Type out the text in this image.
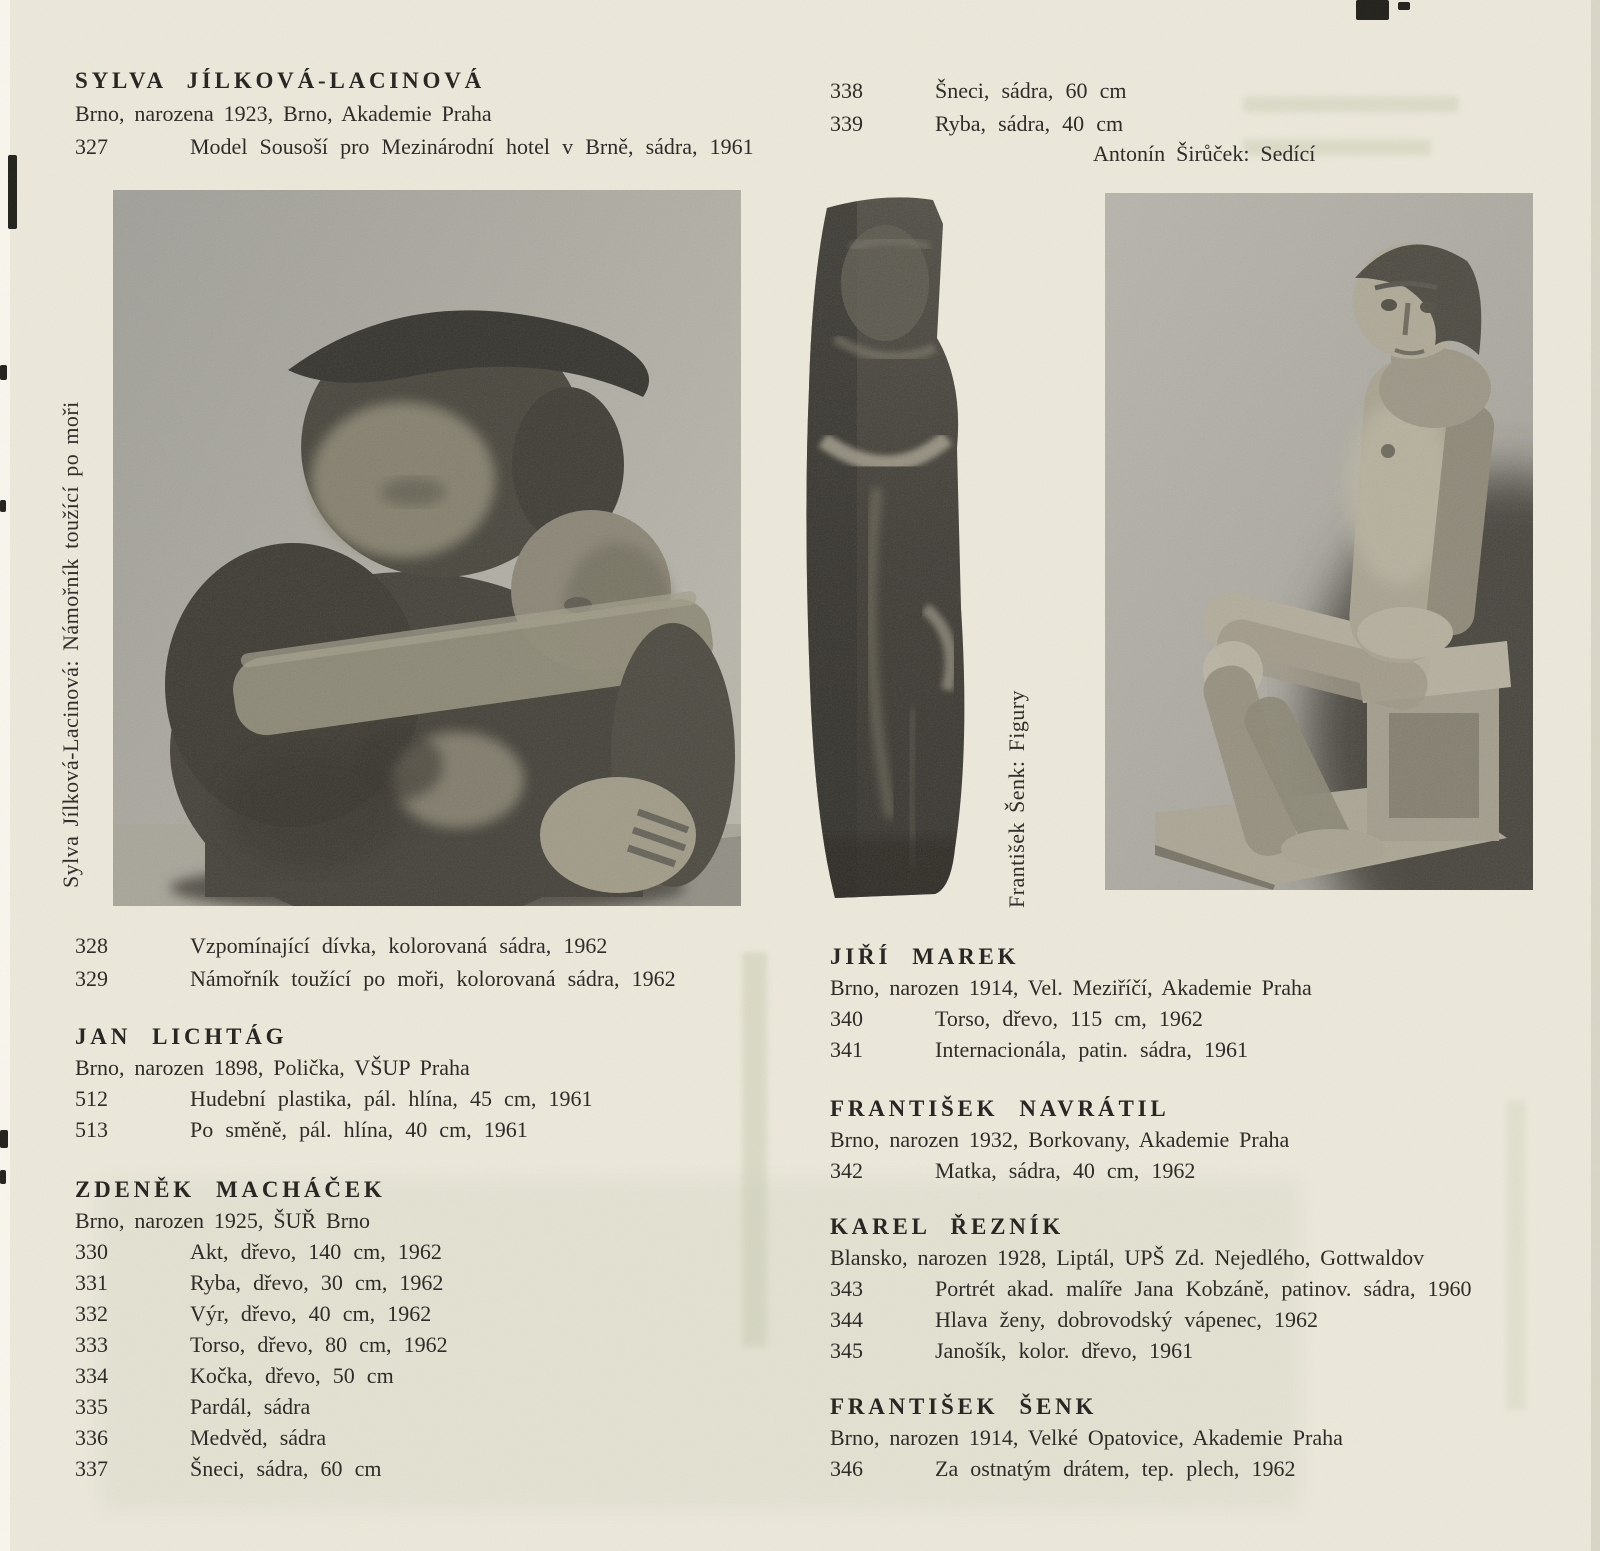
SYLVA JÍLKOVÁ-LACINOVÁ
Brno, narozena 1923, Brno, Akademie Praha
327	Model Sousoší pro Mezinárodní hotel v Brně, sádra, 1961
328	Vzpomínající dívka, kolorovaná sádra, 1962
329	Námořník toužící po moři, kolorovaná sádra, 1962
JAN LICHTÁG
Brno, narozen 1898, Polička, VŠUP Praha
512	Hudební plastika, pál. hlína, 45 cm, 1961
513	Po směně, pál. hlína, 40 cm, 1961
ZDENĚK MACHÁČEK
Brno, narozen 1925, ŠUŘ Brno
330	Akt, dřevo, 140 cm, 1962
331	Ryba, dřevo, 30 cm, 1962
332	Výr, dřevo, 40 cm, 1962
333	Torso, dřevo, 80 cm, 1962
334	Kočka, dřevo, 50 cm
335	Pardál, sádra
336	Medvěd, sádra
337	Šneci, sádra, 60 cm
338	Šneci, sádra, 60 cm
339	Ryba, sádra, 40 cm
Antonín Širůček: Sedící
JIŘÍ MAREK
Brno, narozen 1914, Vel. Meziříčí, Akademie Praha
340	Torso, dřevo, 115 cm, 1962
341	Internacionála, patin. sádra, 1961
FRANTIŠEK NAVRÁTIL
Brno, narozen 1932, Borkovany, Akademie Praha
342	Matka, sádra, 40 cm, 1962
KAREL ŘEZNÍK
Blansko, narozen 1928, Liptál, UPŠ Zd. Nejedlého, Gottwaldov
343	Portrét akad. malíře Jana Kobzáně, patinov. sádra, 1960
344	Hlava ženy, dobrovodský vápenec, 1962
345	Janošík, kolor. dřevo, 1961
FRANTIŠEK ŠENK
Brno, narozen 1914, Velké Opatovice, Akademie Praha
346	Za ostnatým drátem, tep. plech, 1962
Sylva Jílková-Lacinová: Námořník toužící po moři	František Šenk: Figury
